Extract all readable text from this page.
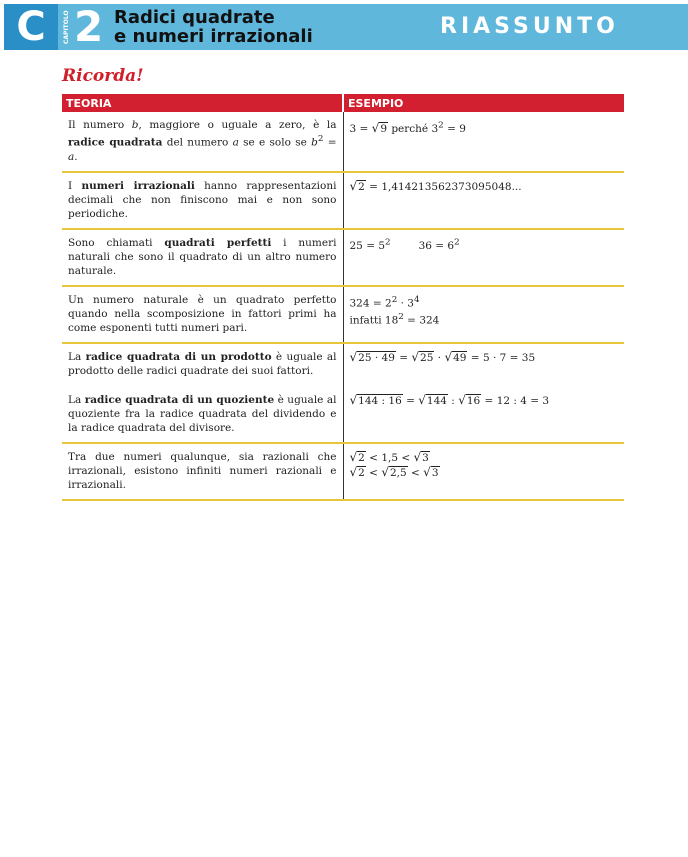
C	CAPITOLO 2 Radici quadrate
e numeri irrazionali	RIASSUNTO
Ricorda!
TEORIA	ESEMPIO
Il numero b, maggiore o uguale a zero, è la radice quadrata del numero a se e solo se $b^2 = a$.	3 = √9 perché $3^2 = 9$
I numeri irrazionali hanno rappresentazioni decimali che non finiscono mai e non sono periodiche.	√2 = 1,414213562373095048...
Sono chiamati quadrati perfetti i numeri naturali che sono il quadrato di un altro numero naturale.	$25 = 5^2$ $36 = 6^2$
Un numero naturale è un quadrato perfetto quando nella scomposizione in fattori primi ha come esponenti tutti numeri pari.	$324 = 2^2 \cdot 3^4$
infatti $18^2 = 324$

La radice quadrata di un prodotto è uguale al prodotto delle radici quadrate dei suoi fattori.	√25 · 49 = √25 · √49 = 5 · 7 = 35
La radice quadrata di un quoziente è uguale al quoziente fra la radice quadrata del dividendo e la radice quadrata del divisore.	√144 : 16 = √144 : √16 = 12 : 4 = 3
Tra due numeri qualunque, sia razionali che irrazionali, esistono infiniti numeri razionali e irrazionali.	√2 < 1,5 < √3
√2 < √2,5 < √3
